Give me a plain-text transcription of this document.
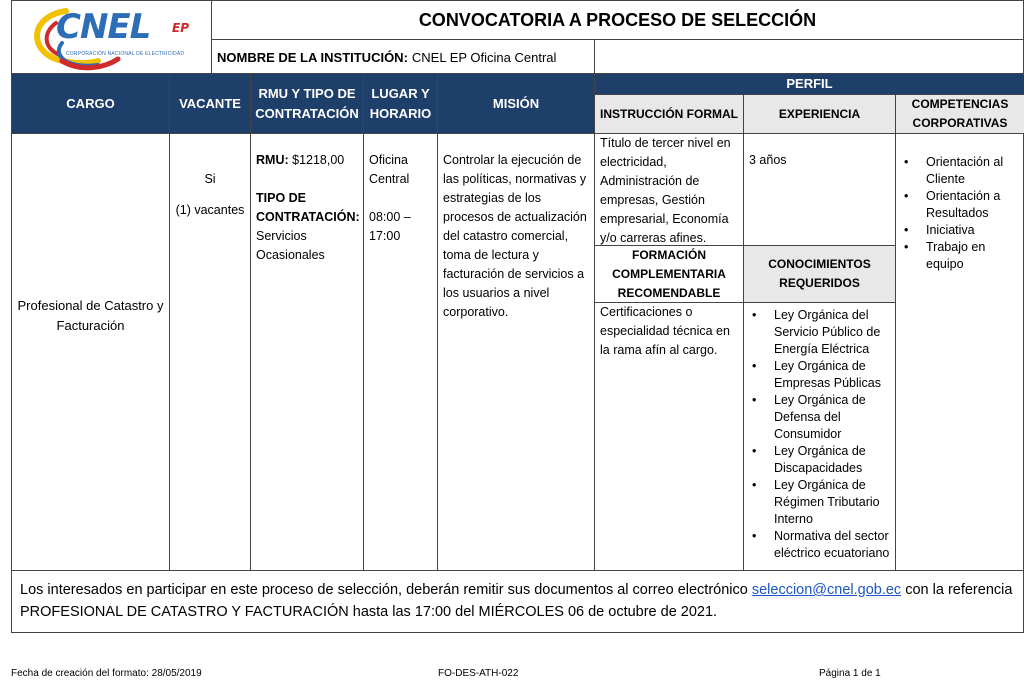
CNEL EP
CORPORACIÓN NACIONAL DE ELECTRICIDAD
CONVOCATORIA A PROCESO DE SELECCIÓN
NOMBRE DE LA INSTITUCIÓN: CNEL EP Oficina Central
CARGO	VACANTE
RMU Y TIPO DE CONTRATACIÓN
LUGAR Y HORARIO
MISIÓN
PERFIL
INSTRUCCIÓN FORMAL	EXPERIENCIA
COMPETENCIAS CORPORATIVAS
Profesional de Catastro y Facturación
Si
(1) vacantes
RMU: $1218,00
TIPO DE CONTRATACIÓN:
Servicios Ocasionales
Oficina Central
08:00 – 17:00
Controlar la ejecución de las políticas, normativas y estrategias de los procesos de actualización del catastro comercial, toma de lectura y facturación de servicios a los usuarios a nivel corporativo.
Título de tercer nivel en electricidad, Administración de empresas, Gestión empresarial, Economía y/o carreras afines.
3 años
•	Orientación al Cliente
• Orientación a Resultados
• Iniciativa
• Trabajo en equipo
FORMACIÓN COMPLEMENTARIA RECOMENDABLE
CONOCIMIENTOS REQUERIDOS
Certificaciones o especialidad técnica en la rama afín al cargo.
• Ley Orgánica del Servicio Público de Energía Eléctrica
• Ley Orgánica de Empresas Públicas
• Ley Orgánica de Defensa del Consumidor
• Ley Orgánica de Discapacidades
• Ley Orgánica de Régimen Tributario Interno
• Normativa del sector eléctrico ecuatoriano
Los interesados en participar en este proceso de selección, deberán remitir sus documentos al correo electrónico seleccion@cnel.gob.ec con la referencia PROFESIONAL DE CATASTRO Y FACTURACIÓN hasta las 17:00 del MIÉRCOLES 06 de octubre de 2021.
Fecha de creación del formato: 28/05/2019	FO-DES-ATH-022	Página 1 de 1
